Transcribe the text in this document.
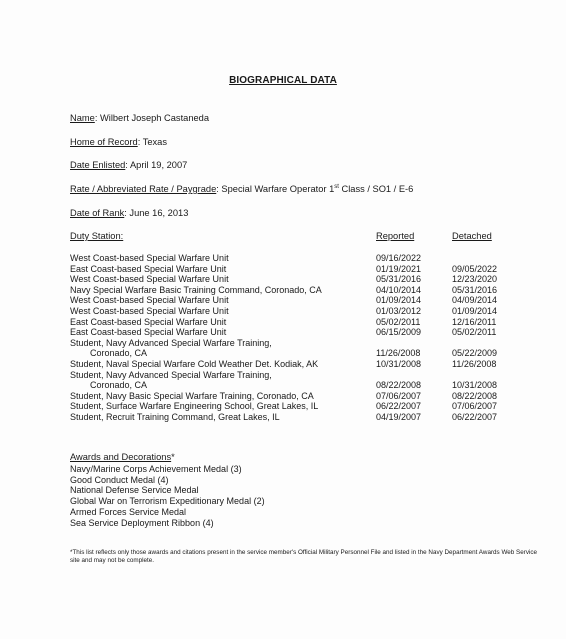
BIOGRAPHICAL DATA
Name: Wilbert Joseph Castaneda
Home of Record: Texas
Date Enlisted: April 19, 2007
Rate / Abbreviated Rate / Paygrade: Special Warfare Operator 1st Class / SO1 / E-6
Date of Rank: June 16, 2013
Duty Station:	Reported	Detached
West Coast-based Special Warfare Unit	09/16/2022
East Coast-based Special Warfare Unit	01/19/2021	09/05/2022
West Coast-based Special Warfare Unit	05/31/2016	12/23/2020
Navy Special Warfare Basic Training Command, Coronado, CA	04/10/2014	05/31/2016
West Coast-based Special Warfare Unit	01/09/2014	04/09/2014
West Coast-based Special Warfare Unit	01/03/2012	01/09/2014
East Coast-based Special Warfare Unit	05/02/2011	12/16/2011
East Coast-based Special Warfare Unit	06/15/2009	05/02/2011
Student, Navy Advanced Special Warfare Training,
Coronado, CA	11/26/2008	05/22/2009
Student, Naval Special Warfare Cold Weather Det. Kodiak, AK	10/31/2008	11/26/2008
Student, Navy Advanced Special Warfare Training,
Coronado, CA	08/22/2008	10/31/2008
Student, Navy Basic Special Warfare Training, Coronado, CA	07/06/2007	08/22/2008
Student, Surface Warfare Engineering School, Great Lakes, IL	06/22/2007	07/06/2007
Student, Recruit Training Command, Great Lakes, IL	04/19/2007	06/22/2007
Awards and Decorations*
Navy/Marine Corps Achievement Medal (3)
Good Conduct Medal (4)
National Defense Service Medal
Global War on Terrorism Expeditionary Medal (2)
Armed Forces Service Medal
Sea Service Deployment Ribbon (4)
*This list reflects only those awards and citations present in the service member's Official Military Personnel File and listed in the Navy Department Awards Web Service site and may not be complete.
